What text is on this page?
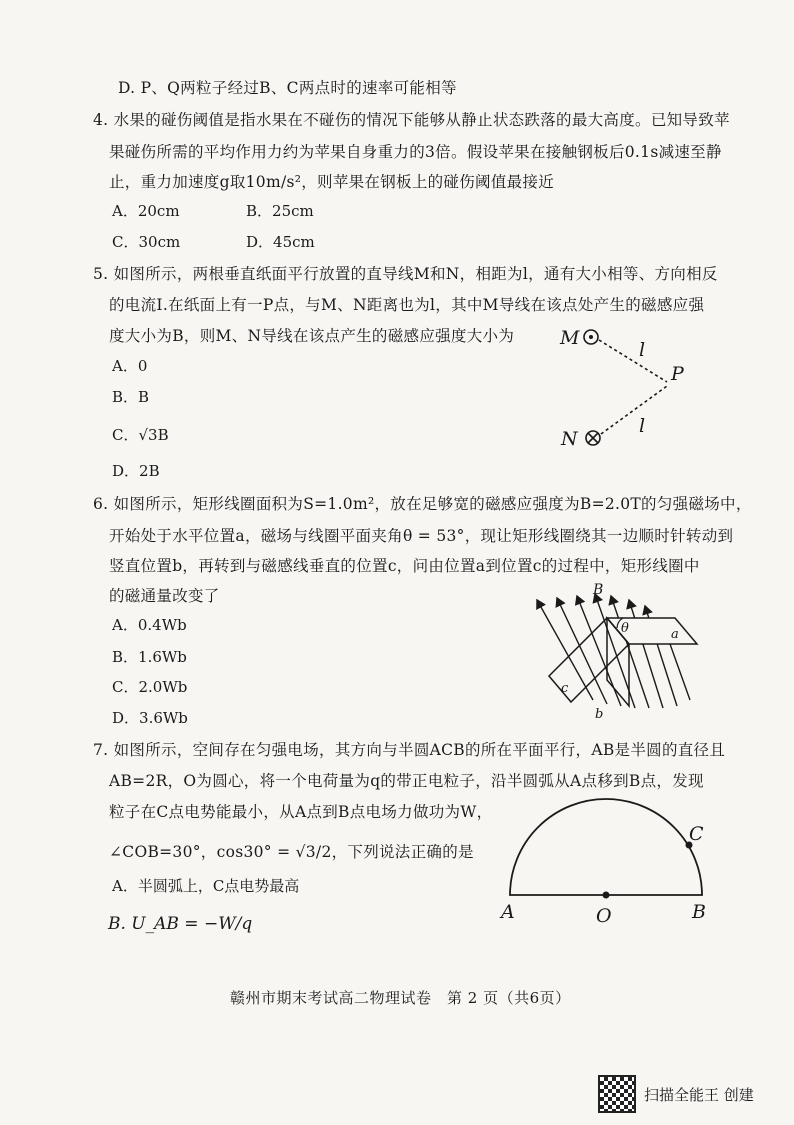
D. P、Q两粒子经过B、C两点时的速率可能相等
4. 水果的碰伤阈值是指水果在不碰伤的情况下能够从静止状态跌落的最大高度。已知导致苹
果碰伤所需的平均作用力约为苹果自身重力的3倍。假设苹果在接触钢板后0.1s减速至静
止，重力加速度g取10m/s²，则苹果在钢板上的碰伤阈值最接近
A．20cm	B．25cm
C．30cm	D．45cm
5. 如图所示，两根垂直纸面平行放置的直导线M和N，相距为l，通有大小相等、方向相反
的电流I.在纸面上有一P点，与M、N距离也为l，其中M导线在该点处产生的磁感应强
度大小为B，则M、N导线在该点产生的磁感应强度大小为
A．0
B．B
C．√3B
D．2B
M
N
P
l
l
6. 如图所示，矩形线圈面积为S=1.0m²，放在足够宽的磁感应强度为B=2.0T的匀强磁场中，
开始处于水平位置a，磁场与线圈平面夹角θ = 53°，现让矩形线圈绕其一边顺时针转动到
竖直位置b，再转到与磁感线垂直的位置c，问由位置a到位置c的过程中，矩形线圈中
的磁通量改变了
A．0.4Wb
B．1.6Wb
C．2.0Wb
D．3.6Wb
B
θ	a
b
c
7. 如图所示，空间存在匀强电场，其方向与半圆ACB的所在平面平行，AB是半圆的直径且
AB=2R，O为圆心，将一个电荷量为q的带正电粒子，沿半圆弧从A点移到B点，发现
粒子在C点电势能最小，从A点到B点电场力做功为W，
∠COB=30°，cos30° = √3/2，下列说法正确的是
A．半圆弧上，C点电势最高
B. U_AB = −W/q
A	O	B
C
赣州市期末考试高二物理试卷　第 2 页（共6页）
扫描全能王 创建
